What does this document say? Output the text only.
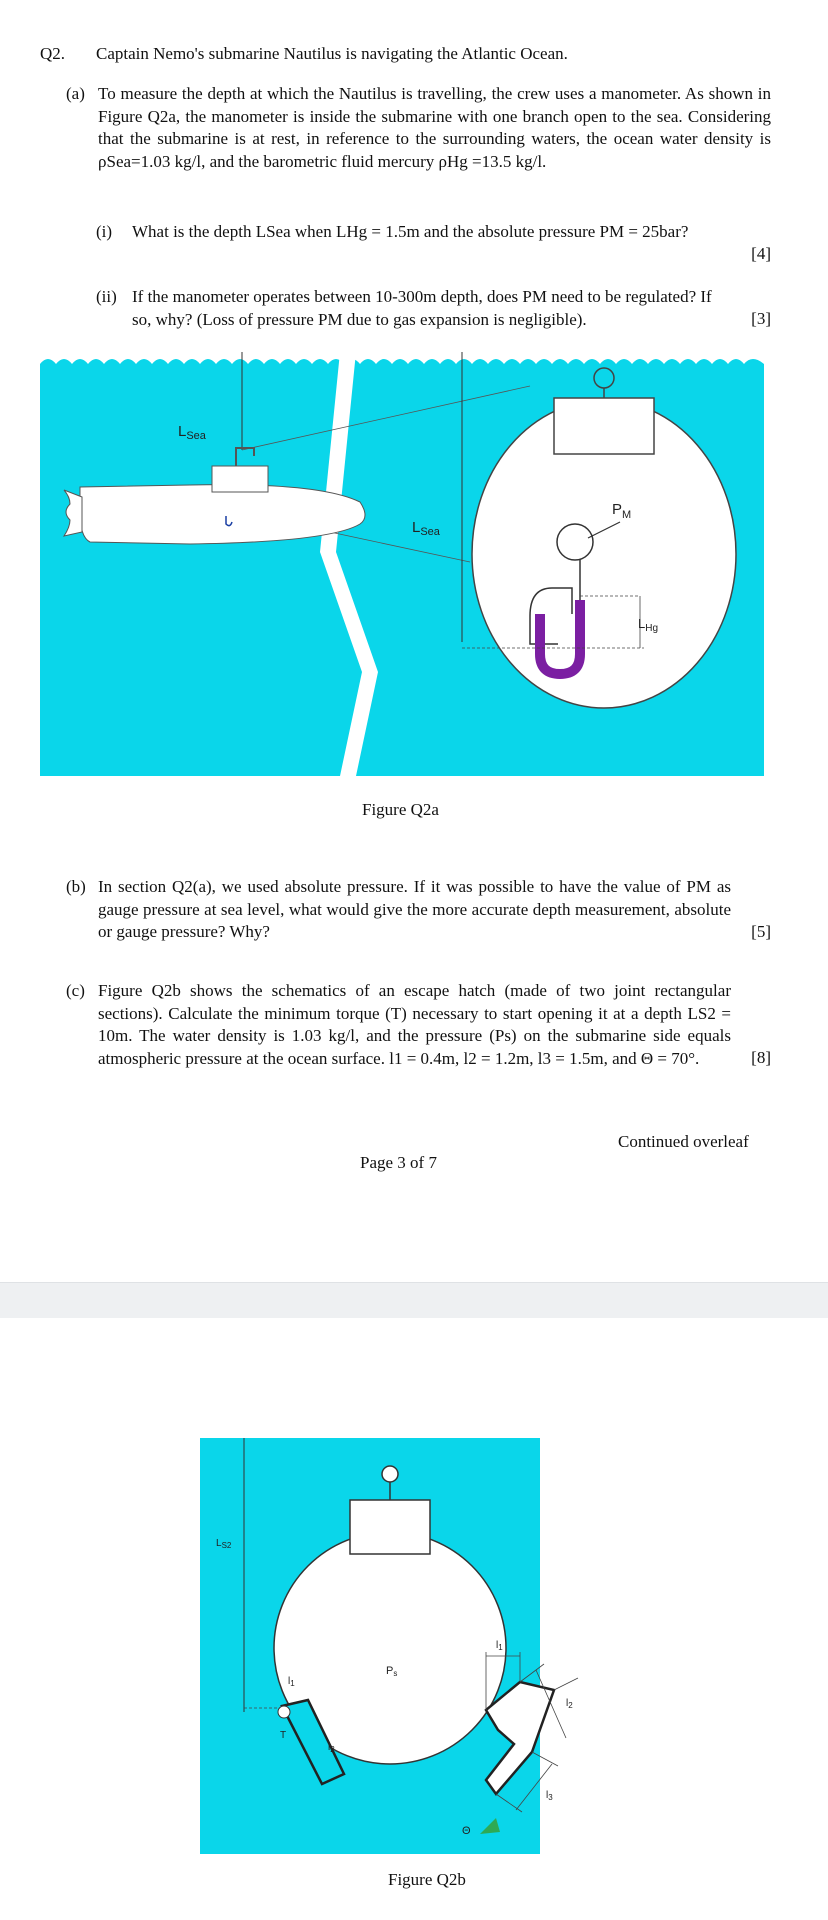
Q2. Captain Nemo's submarine Nautilus is navigating the Atlantic Ocean.
(a) To measure the depth at which the Nautilus is travelling, the crew uses a manometer. As shown in Figure Q2a, the manometer is inside the submarine with one branch open to the sea. Considering that the submarine is at rest, in reference to the surrounding waters, the ocean water density is ρSea=1.03 kg/l, and the barometric fluid mercury ρHg =13.5 kg/l.
(i) What is the depth LSea when LHg = 1.5m and the absolute pressure PM = 25bar?
[4]
(ii) If the manometer operates between 10-300m depth, does PM need to be regulated? If so, why? (Loss of pressure PM due to gas expansion is negligible).	[3]
$L_{Sea}$
$L_{Sea}$
$P_M$
$L_{Hg}$
Figure Q2a
(b) In section Q2(a), we used absolute pressure. If it was possible to have the value of PM as gauge pressure at sea level, what would give the more accurate depth measurement, absolute or gauge pressure? Why?	[5]
(c) Figure Q2b shows the schematics of an escape hatch (made of two joint rectangular sections). Calculate the minimum torque (T) necessary to start opening it at a depth LS2 = 10m. The water density is 1.03 kg/l, and the pressure (Ps) on the submarine side equals atmospheric pressure at the ocean surface. l1 = 0.4m, l2 = 1.2m, l3 = 1.5m, and Θ = 70°.	[8]
Continued overleaf
Page 3 of 7
$L_{S2}$
T
$l_1$
$l_2$
Ps
$l_1$
$l_2$
$l_3$
Θ
Figure Q2b
